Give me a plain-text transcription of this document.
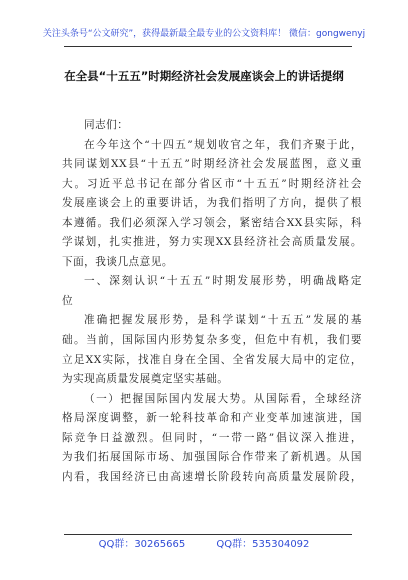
关注头条号“公文研究”，获得最新最全最专业的公文资料库！ 微信：gongwenyj
在全县“十五五”时期经济社会发展座谈会上的讲话提纲
同志们：
在今年这个“十四五”规划收官之年，我们齐聚于此，
共同谋划XX县“十五五”时期经济社会发展蓝图，意义重
大。习近平总书记在部分省区市“十五五”时期经济社会
发展座谈会上的重要讲话，为我们指明了方向，提供了根
本遵循。我们必须深入学习领会，紧密结合XX县实际，科
学谋划，扎实推进，努力实现XX县经济社会高质量发展。
下面，我谈几点意见。
一、深刻认识“十五五”时期发展形势，明确战略定
位
准确把握发展形势，是科学谋划“十五五”发展的基
础。当前，国际国内形势复杂多变，但危中有机，我们要
立足XX实际，找准自身在全国、全省发展大局中的定位，
为实现高质量发展奠定坚实基础。
（一）把握国际国内发展大势。从国际看，全球经济
格局深度调整，新一轮科技革命和产业变革加速演进，国
际竞争日益激烈。但同时，“一带一路”倡议深入推进，
为我们拓展国际市场、加强国际合作带来了新机遇。从国
内看，我国经济已由高速增长阶段转向高质量发展阶段，
QQ群：30265665	QQ群：535304092
